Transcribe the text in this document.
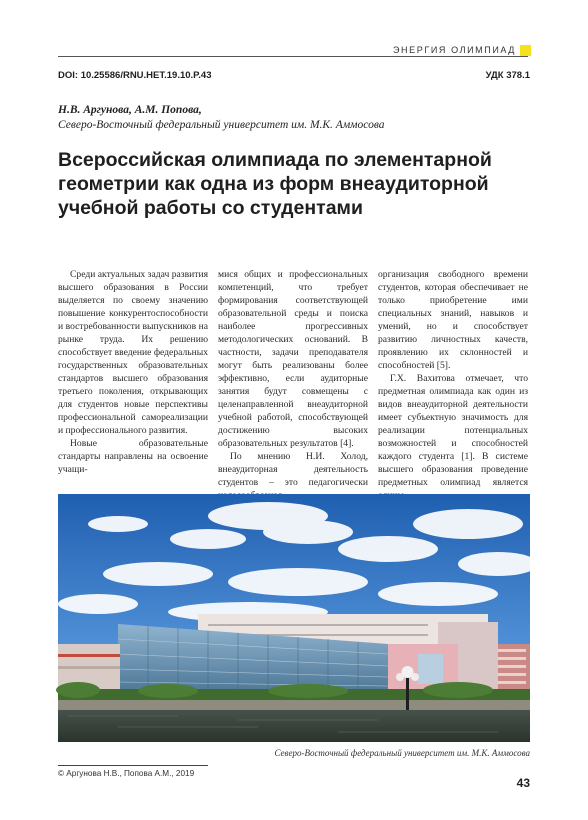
ЭНЕРГИЯ ОЛИМПИАД
DOI: 10.25586/RNU.HET.19.10.P.43	УДК 378.1
Н.В. Аргунова, А.М. Попова,
Северо-Восточный федеральный университет им. М.К. Аммосова
Всероссийская олимпиада по элементарной геометрии как одна из форм внеаудиторной учебной работы со студентами

Среди актуальных задач развития высшего образования в России выделяется по своему значению повышение конкурентоспособности и востребованности выпускников на рынке труда. Их решению способствует введение федеральных государственных образовательных стандартов высшего образования третьего поколения, открывающих для студентов новые перспективы профессиональной самореализации и профессионального развития.

Новые образовательные стандарты направлены на освоение учащи-

мися общих и профессиональных компетенций, что требует формирования соответствующей образовательной среды и поиска наиболее прогрессивных методологических оснований. В частности, задачи преподавателя могут быть реализованы более эффективно, если аудиторные занятия будут совмещены с целенаправленной внеаудиторной учебной работой, способствующей достижению высоких образовательных результатов [4].

По мнению Н.И. Холод, внеаудиторная деятельность студентов – это педагогически

организация свободного времени студентов, которая обеспечивает не только приобретение ими специальных знаний, навыков и умений, но и способствует развитию личностных качеств, проявлению их склонностей и способностей [5].

Г.Х. Вахитова отмечает, что предметная олимпиада как один из видов внеаудиторной деятельности имеет субъектную значимость для реализации потенциальных возможностей и способностей каждого студента [1]. В системе высшего образования проведение предметных олимпиад является

Северо-Восточный федеральный университет им. М.К. Аммосова
© Аргунова Н.В., Попова А.М., 2019
43
